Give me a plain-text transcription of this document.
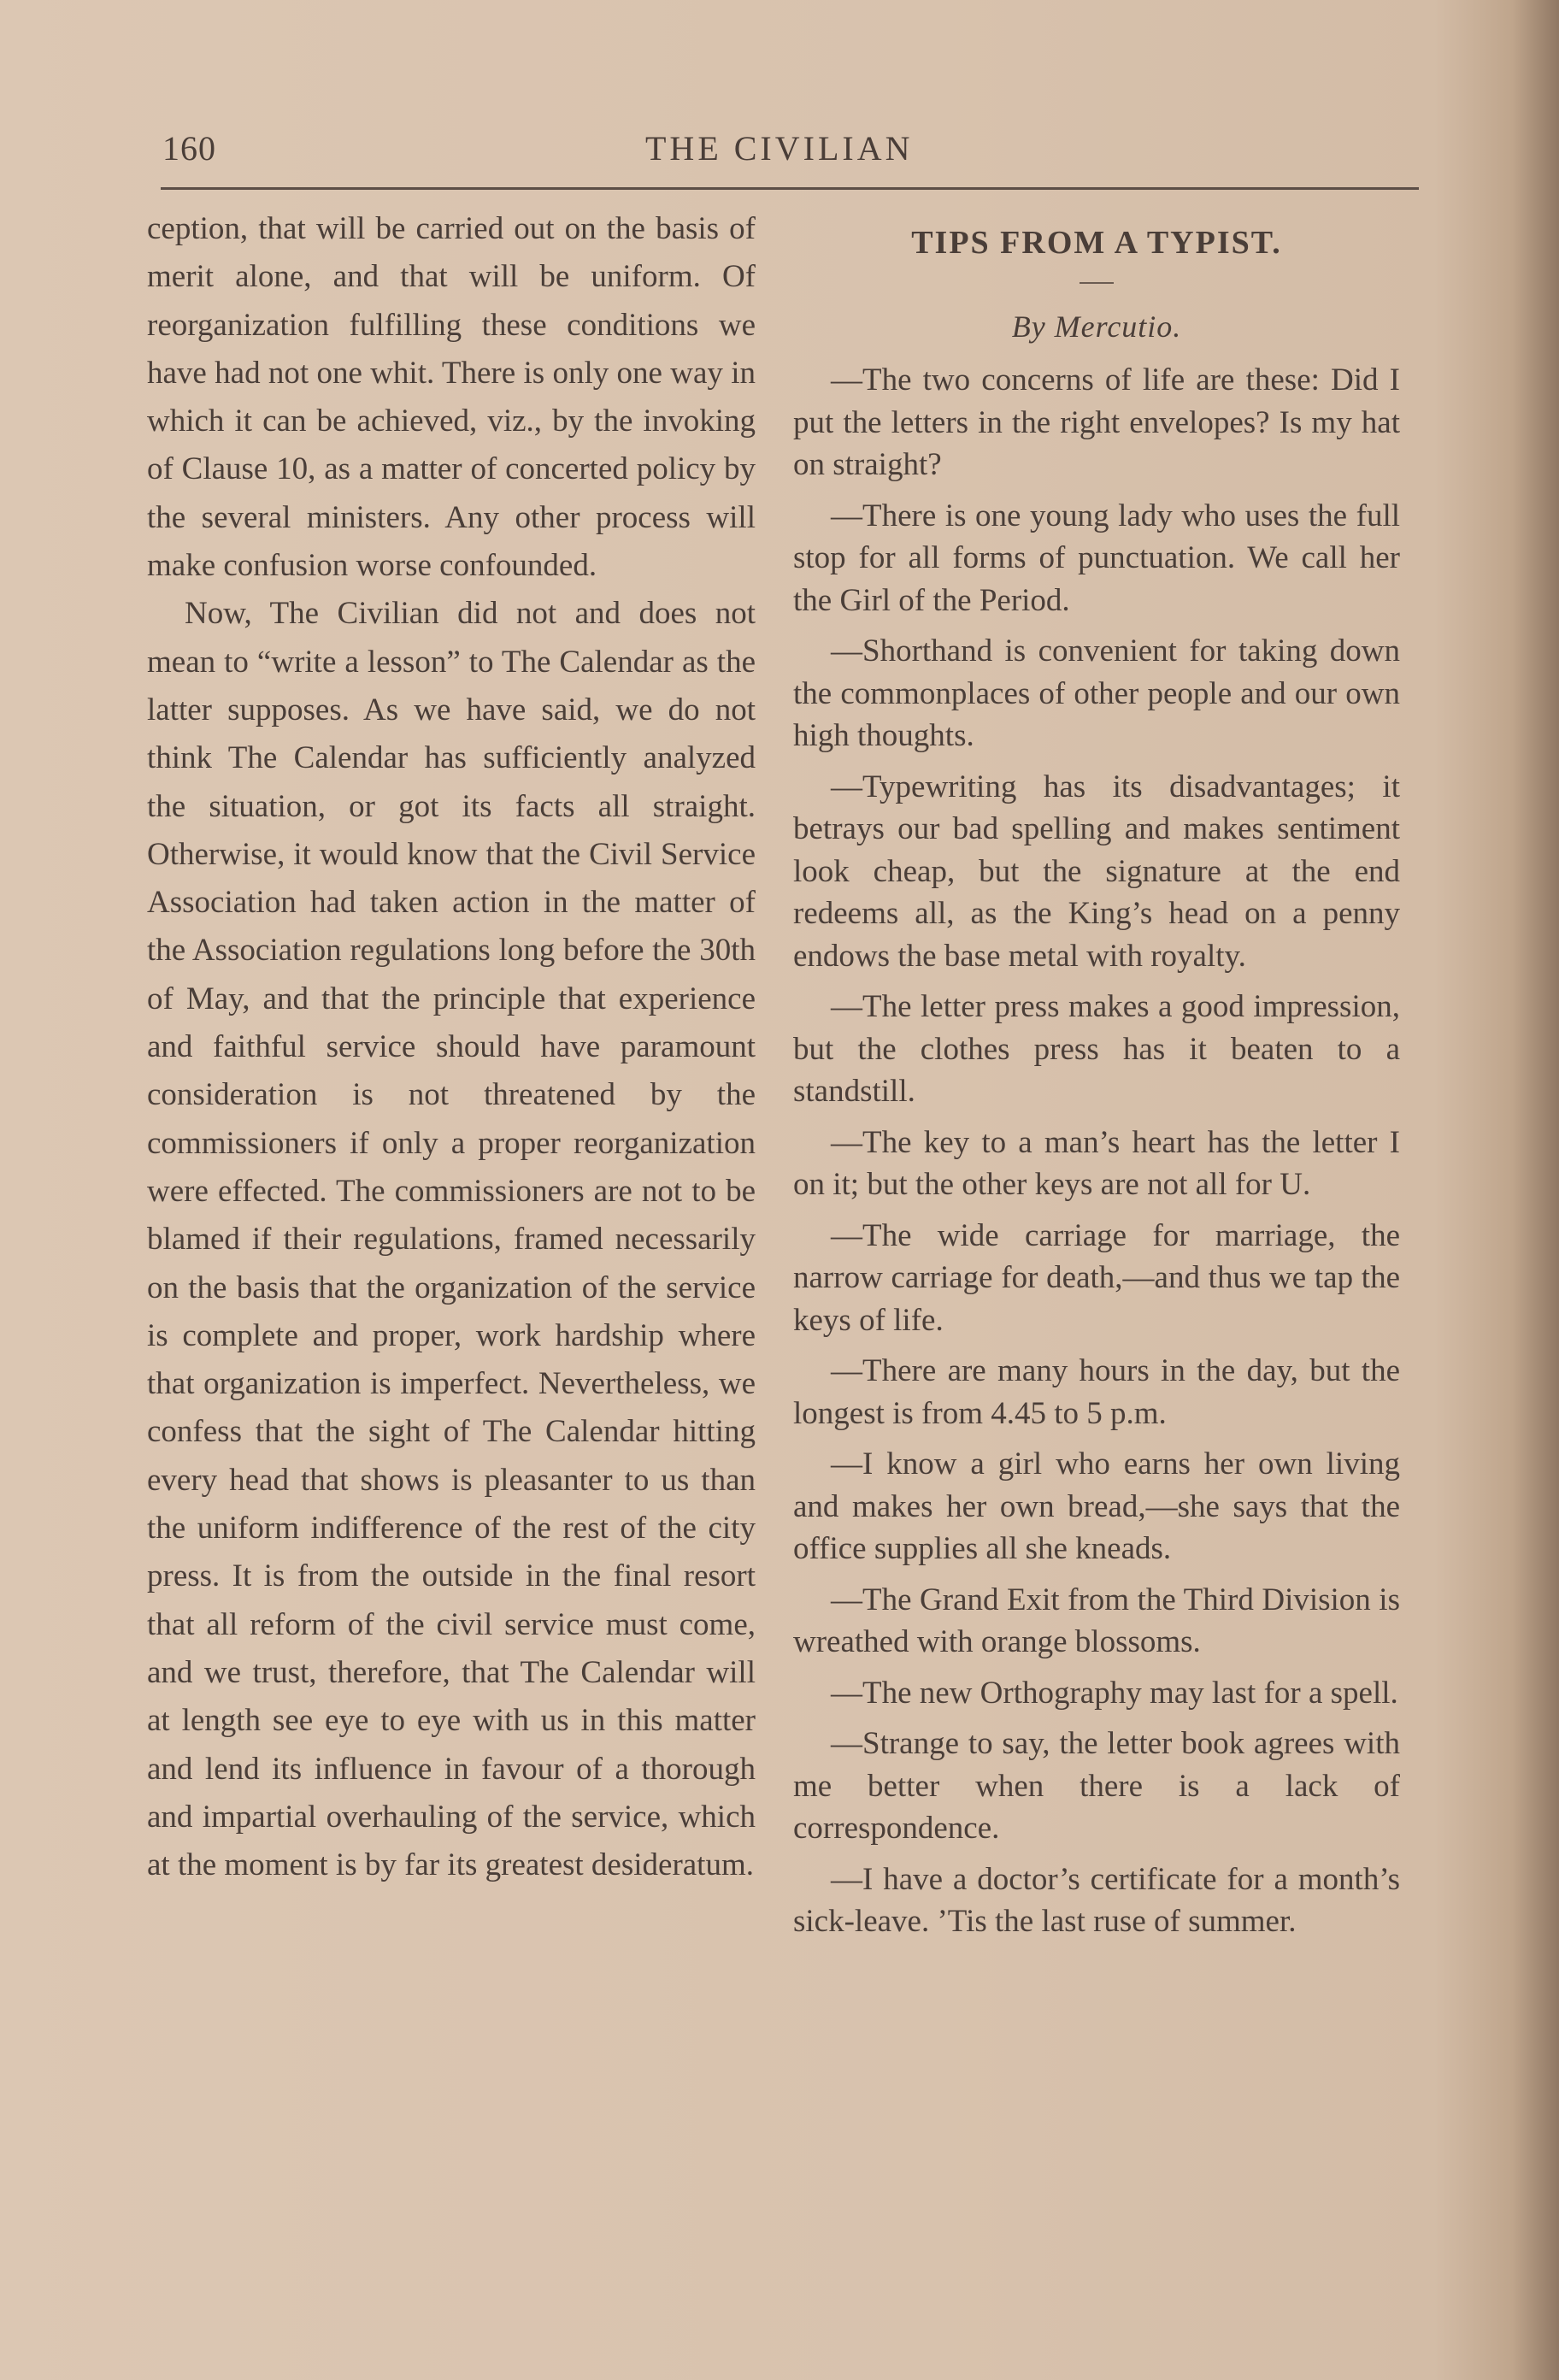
160	THE CIVILIAN

ception, that will be carried out on the basis of merit alone, and that will be uniform. Of reorganization fulfilling these conditions we have had not one whit. There is only one way in which it can be achieved, viz., by the invoking of Clause 10, as a matter of concerted policy by the several ministers. Any other process will make confusion worse confounded.

Now, The Civilian did not and does not mean to “write a lesson” to The Calendar as the latter supposes. As we have said, we do not think The Calendar has sufficiently analyzed the situation, or got its facts all straight. Otherwise, it would know that the Civil Service Association had taken action in the matter of the Association regulations long before the 30th of May, and that the principle that experience and faithful service should have paramount consideration is not threatened by the commissioners if only a proper reorganization were effected. The commissioners are not to be blamed if their regulations, framed necessarily on the basis that the organization of the service is complete and proper, work hardship where that organization is imperfect. Nevertheless, we confess that the sight of The Calendar hitting every head that shows is pleasanter to us than the uniform indifference of the rest of the city press. It is from the outside in the final resort that all reform of the civil service must come, and we trust, therefore, that The Calendar will at length see eye to eye with us in this matter and lend its influence in favour of a thorough and impartial overhauling of the service, which at the moment is by far its greatest desideratum.

TIPS FROM A TYPIST.
By Mercutio.

—The two concerns of life are these: Did I put the letters in the right envelopes? Is my hat on straight?

—There is one young lady who uses the full stop for all forms of punctuation. We call her the Girl of the Period.

—Shorthand is convenient for taking down the commonplaces of other people and our own high thoughts.

—Typewriting has its disadvantages; it betrays our bad spelling and makes sentiment look cheap, but the signature at the end redeems all, as the King’s head on a penny endows the base metal with royalty.

—The letter press makes a good impression, but the clothes press has it beaten to a standstill.

—The key to a man’s heart has the letter I on it; but the other keys are not all for U.

—The wide carriage for marriage, the narrow carriage for death,—and thus we tap the keys of life.

—There are many hours in the day, but the longest is from 4.45 to 5 p.m.

—I know a girl who earns her own living and makes her own bread,—she says that the office supplies all she kneads.

—The Grand Exit from the Third Division is wreathed with orange blossoms.

—The new Orthography may last for a spell.

—Strange to say, the letter book agrees with me better when there is a lack of correspondence.

—I have a doctor’s certificate for a month’s sick-leave. ’Tis the last ruse of summer.
